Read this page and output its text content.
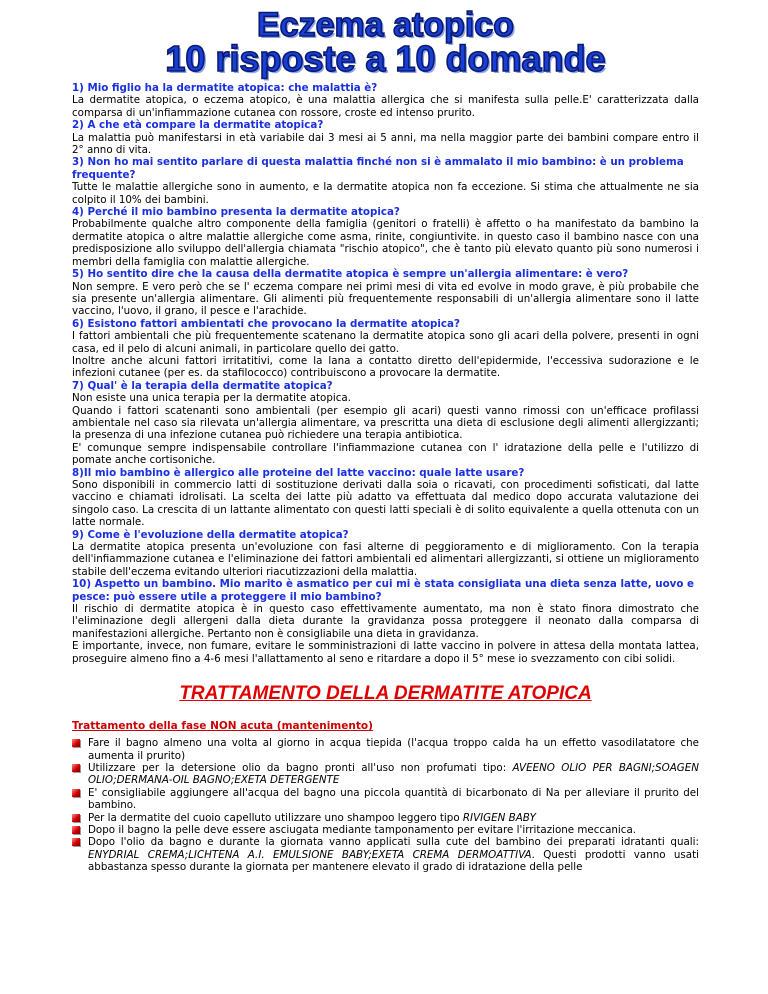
Eczema atopico
10 risposte a 10 domande
1) Mio figlio ha la dermatite atopica: che malattia è?
La dermatite atopica, o eczema atopico, è una malattia allergica che si manifesta sulla pelle.E' caratterizzata dalla comparsa di un'infiammazione cutanea con rossore, croste ed intenso prurito.
2) A che età compare la dermatite atopica?
La malattia può manifestarsi in età variabile dai 3 mesi ai 5 anni, ma nella maggior parte dei bambini compare entro il 2° anno di vita.
3) Non ho mai sentito parlare di questa malattia finché non si è ammalato il mio bambino: è un problema frequente?
Tutte le malattie allergiche sono in aumento, e la dermatite atopica non fa eccezione. Si stima che attualmente ne sia colpito il 10% dei bambini.
4) Perché il mio bambino presenta la dermatite atopica?
Probabilmente qualche altro componente della famiglia (genitori o fratelli) è affetto o ha manifestato da bambino la dermatite atopica o altre malattie allergiche come asma, rinite, congiuntivite. in questo caso il bambino nasce con una predisposizione allo sviluppo dell'allergia chiamata "rischio atopico", che è tanto più elevato quanto più sono numerosi i membri della famiglia con malattie allergiche.
5) Ho sentito dire che la causa della dermatite atopica è sempre un'allergia alimentare: è vero?
Non sempre. E vero però che se l' eczema compare nei primi mesi di vita ed evolve in modo grave, è più probabile che sia presente un'allergia alimentare. Gli alimenti più frequentemente responsabili di un'allergia alimentare sono il latte vaccino, l'uovo, il grano, il pesce e l'arachide.
6) Esistono fattori ambientati che provocano la dermatite atopica?
I fattori ambientali che più frequentemente scatenano la dermatite atopica sono gli acari della polvere, presenti in ogni casa, ed il pelo di alcuni animali, in particolare quello dei gatto.
Inoltre anche alcuni fattori irritatitivi, come la lana a contatto diretto dell'epidermide, l'eccessiva sudorazione e le infezioni cutanee (per es. da stafilococco) contribuiscono a provocare la dermatite.
7) Qual' è la terapia della dermatite atopica?
Non esiste una unica terapia per la dermatite atopica.
Quando i fattori scatenanti sono ambientali (per esempio gli acari) questi vanno rimossi con un'efficace profilassi ambientale nel caso sia rilevata un'allergia alimentare, va prescritta una dieta di esclusione degli alimenti allergizzanti; la presenza di una infezione cutanea può richiedere una terapia antibiotica.
E' comunque sempre indispensabile controllare l'infiammazione cutanea con l' idratazione della pelle e l'utilizzo di pomate anche cortisoniche.
8)Il mio bambino è allergico alle proteine del latte vaccino: quale latte usare?
Sono disponibili in commercio latti di sostituzione derivati dalla soia o ricavati, con procedimenti sofisticati, dal latte vaccino e chiamati idrolisati. La scelta dei latte più adatto va effettuata dal medico dopo accurata valutazione dei singolo caso. La crescita di un lattante alimentato con questi latti speciali è di solito equivalente a quella ottenuta con un latte normale.
9) Come è l'evoluzione della dermatite atopica?
La dermatite atopica presenta un'evoluzione con fasi alterne di peggioramento e di miglioramento. Con la terapia dell'infiammazione cutanea e l'eliminazione dei fattori ambientali ed alimentari allergizzanti, si ottiene un miglioramento stabile dell'eczema evitando ulteriori riacutizzazioni della malattia.
10) Aspetto un bambino. Mio marito è asmatico per cui mi è stata consigliata una dieta senza latte, uovo e pesce: può essere utile a proteggere il mio bambino?
Il rischio di dermatite atopica è in questo caso effettivamente aumentato, ma non è stato finora dimostrato che l'eliminazione degli allergeni dalla dieta durante la gravidanza possa proteggere il neonato dalla comparsa di manifestazioni allergiche. Pertanto non è consigliabile una dieta in gravidanza.
E importante, invece, non fumare, evitare le somministrazioni di latte vaccino in polvere in attesa della montata lattea, proseguire almeno fino a 4-6 mesi l'allattamento al seno e ritardare a dopo il 5° mese io svezzamento con cibi solidi.
TRATTAMENTO DELLA DERMATITE ATOPICA
Trattamento della fase NON acuta (mantenimento)
Fare il bagno almeno una volta al giorno in acqua tiepida (l'acqua troppo calda ha un effetto vasodilatatore che aumenta il prurito)
Utilizzare per la detersione olio da bagno pronti all'uso non profumati tipo: AVEENO OLIO PER BAGNI;SOAGEN OLIO;DERMANA-OIL BAGNO;EXETA DETERGENTE
E' consigliabile aggiungere all'acqua del bagno una piccola quantità di bicarbonato di Na per alleviare il prurito del bambino.
Per la dermatite del cuoio capelluto utilizzare uno shampoo leggero tipo RIVIGEN BABY
Dopo il bagno la pelle deve essere asciugata mediante tamponamento per evitare l'irritazione meccanica.
Dopo l'olio da bagno e durante la giornata vanno applicati sulla cute del bambino dei preparati idratanti quali: ENYDRIAL CREMA;LICHTENA A.I. EMULSIONE BABY;EXETA CREMA DERMOATTIVA. Questi prodotti vanno usati abbastanza spesso durante la giornata per mantenere elevato il grado di idratazione della pelle
